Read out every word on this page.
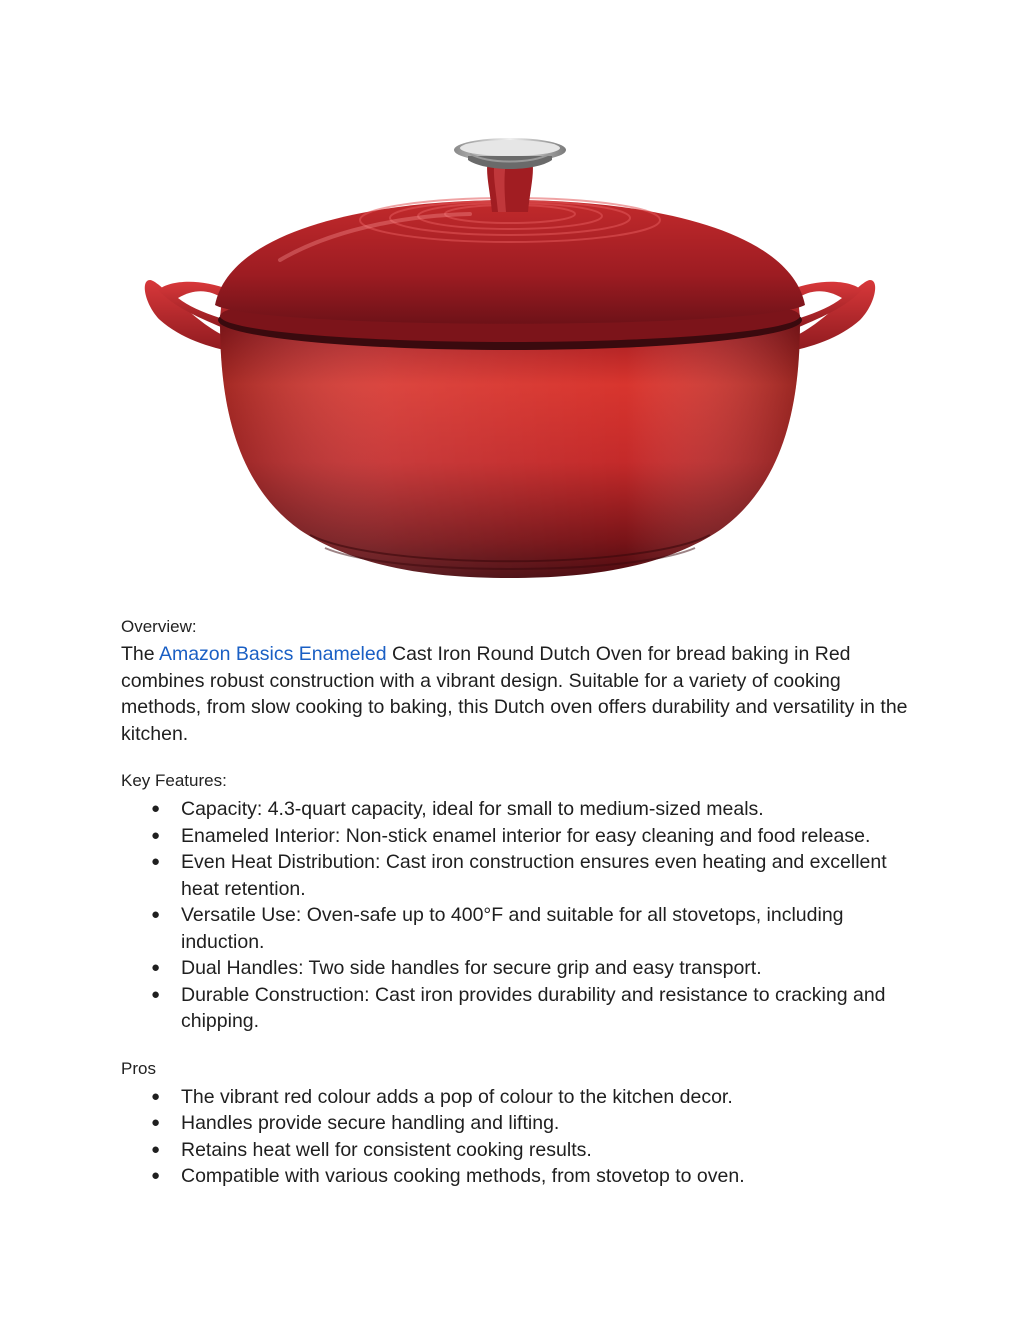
Overview:

The Amazon Basics Enameled Cast Iron Round Dutch Oven for bread baking in Red combines robust construction with a vibrant design. Suitable for a variety of cooking methods, from slow cooking to baking, this Dutch oven offers durability and versatility in the kitchen.

Key Features:

● Capacity: 4.3-quart capacity, ideal for small to medium-sized meals.
● Enameled Interior: Non-stick enamel interior for easy cleaning and food release.
● Even Heat Distribution: Cast iron construction ensures even heating and excellent heat retention.
● Versatile Use: Oven-safe up to 400°F and suitable for all stovetops, including induction.
● Dual Handles: Two side handles for secure grip and easy transport.
● Durable Construction: Cast iron provides durability and resistance to cracking and chipping.

Pros

● The vibrant red colour adds a pop of colour to the kitchen decor.
● Handles provide secure handling and lifting.
● Retains heat well for consistent cooking results.
● Compatible with various cooking methods, from stovetop to oven.
